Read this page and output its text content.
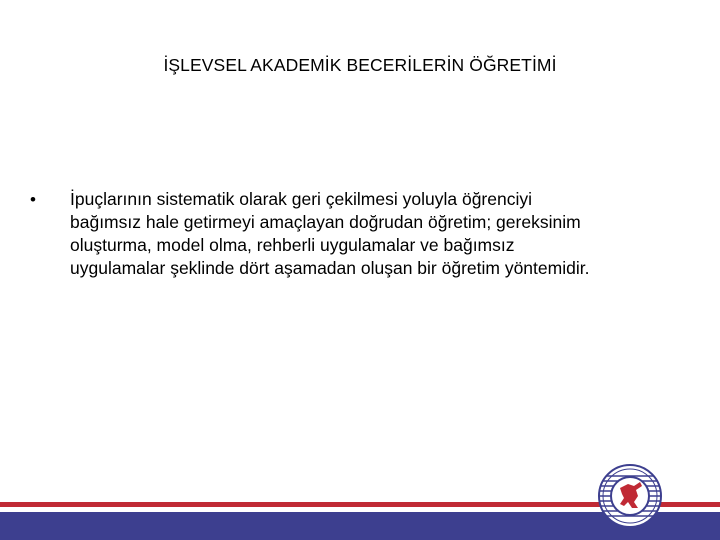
İŞLEVSEL AKADEMİK BECERİLERİN ÖĞRETİMİ
• İpuçlarının sistematik olarak geri çekilmesi yoluyla öğrenciyi
bağımsız hale getirmeyi amaçlayan doğrudan öğretim; gereksinim
oluşturma, model olma, rehberli uygulamalar ve bağımsız
uygulamalar şeklinde dört aşamadan oluşan bir öğretim yöntemidir.
